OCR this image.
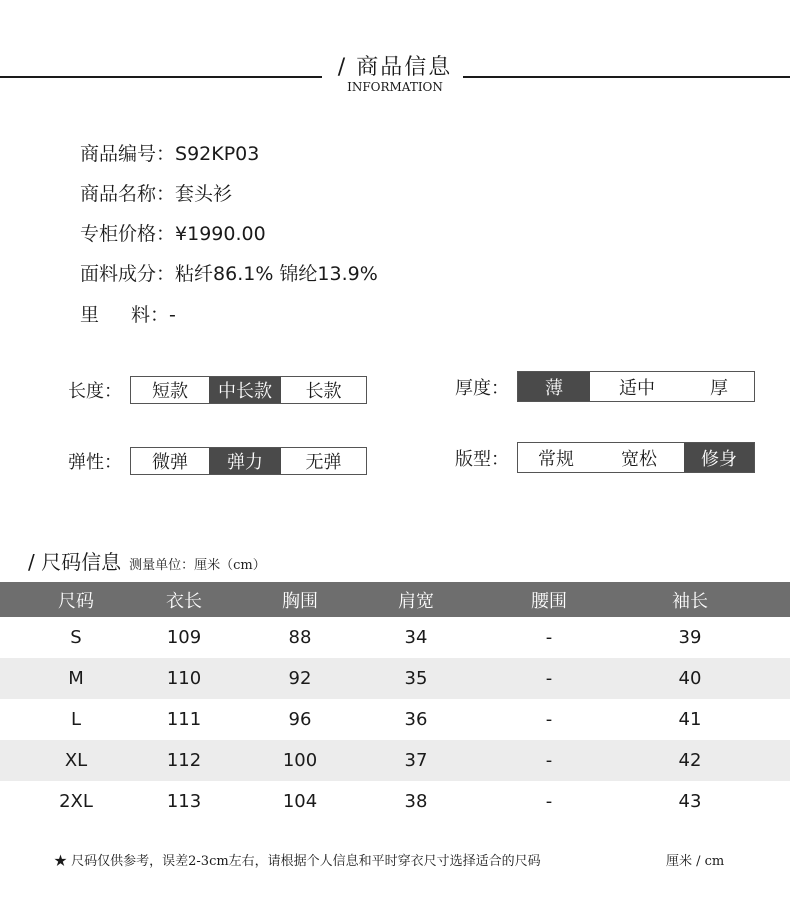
/ 商品信息
INFORMATION
商品编号：S92KP03
商品名称：套头衫
专柜价格：¥1990.00
面料成分：粘纤86.1% 锦纶13.9%
里 料：-
长度：	短款	中长款	长款	厚度：	薄	适中	厚
弹性：	微弹	弹力	无弹	版型：	常规	宽松	修身
/ 尺码信息 测量单位：厘米（cm）
尺码	衣长	胸围	肩宽	腰围	袖长
S	109	88	34	-	39
M	110	92	35	-	40
L	111	96	36	-	41
XL	112	100	37	-	42
2XL	113	104	38	-	43
★ 尺码仅供参考，误差2-3cm左右，请根据个人信息和平时穿衣尺寸选择适合的尺码	厘米 / cm
